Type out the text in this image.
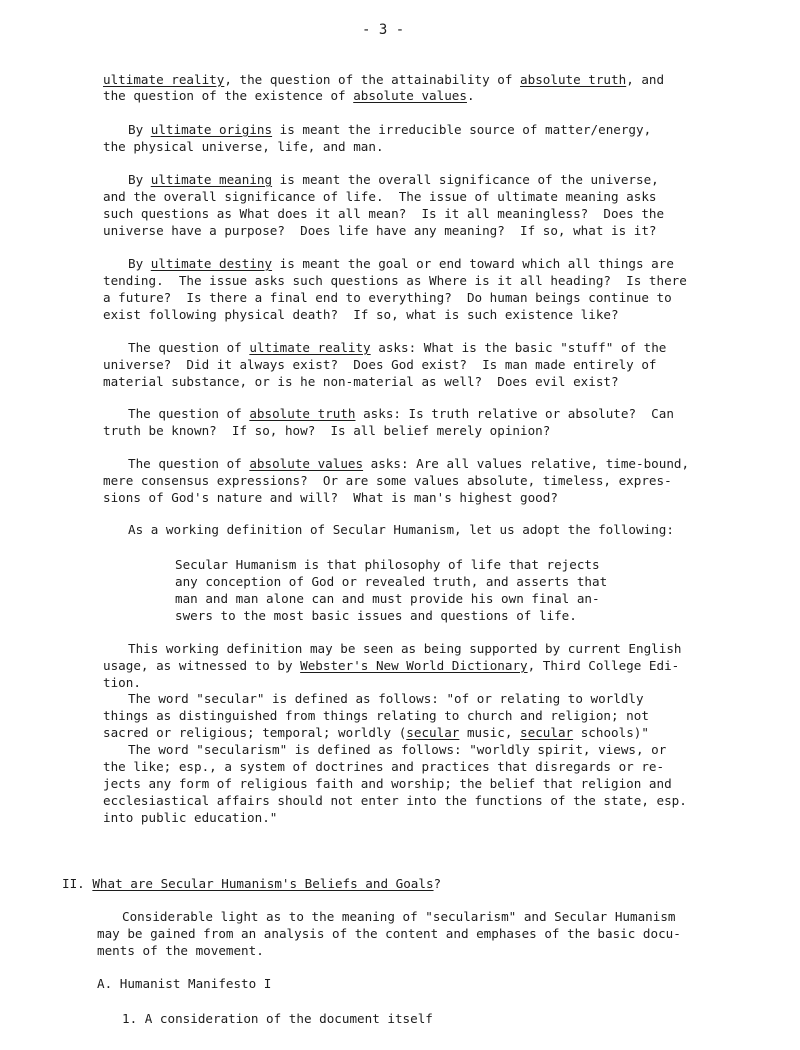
- 3 -
ultimate reality, the question of the attainability of absolute truth, and
the question of the existence of absolute values.
By ultimate origins is meant the irreducible source of matter/energy,
the physical universe, life, and man.
By ultimate meaning is meant the overall significance of the universe,
and the overall significance of life.  The issue of ultimate meaning asks
such questions as What does it all mean?  Is it all meaningless?  Does the
universe have a purpose?  Does life have any meaning?  If so, what is it?
By ultimate destiny is meant the goal or end toward which all things are
tending.  The issue asks such questions as Where is it all heading?  Is there
a future?  Is there a final end to everything?  Do human beings continue to
exist following physical death?  If so, what is such existence like?
The question of ultimate reality asks: What is the basic "stuff" of the
universe?  Did it always exist?  Does God exist?  Is man made entirely of
material substance, or is he non-material as well?  Does evil exist?
The question of absolute truth asks: Is truth relative or absolute?  Can
truth be known?  If so, how?  Is all belief merely opinion?
The question of absolute values asks: Are all values relative, time-bound,
mere consensus expressions?  Or are some values absolute, timeless, expres-
sions of God's nature and will?  What is man's highest good?
As a working definition of Secular Humanism, let us adopt the following:
Secular Humanism is that philosophy of life that rejects
any conception of God or revealed truth, and asserts that
man and man alone can and must provide his own final an-
swers to the most basic issues and questions of life.
This working definition may be seen as being supported by current English
usage, as witnessed to by Webster's New World Dictionary, Third College Edi-
tion.
The word "secular" is defined as follows: "of or relating to worldly
things as distinguished from things relating to church and religion; not
sacred or religious; temporal; worldly (secular music, secular schools)"
The word "secularism" is defined as follows: "worldly spirit, views, or
the like; esp., a system of doctrines and practices that disregards or re-
jects any form of religious faith and worship; the belief that religion and
ecclesiastical affairs should not enter into the functions of the state, esp.
into public education."
II. What are Secular Humanism's Beliefs and Goals?
Considerable light as to the meaning of "secularism" and Secular Humanism
may be gained from an analysis of the content and emphases of the basic docu-
ments of the movement.
A. Humanist Manifesto I
1. A consideration of the document itself
